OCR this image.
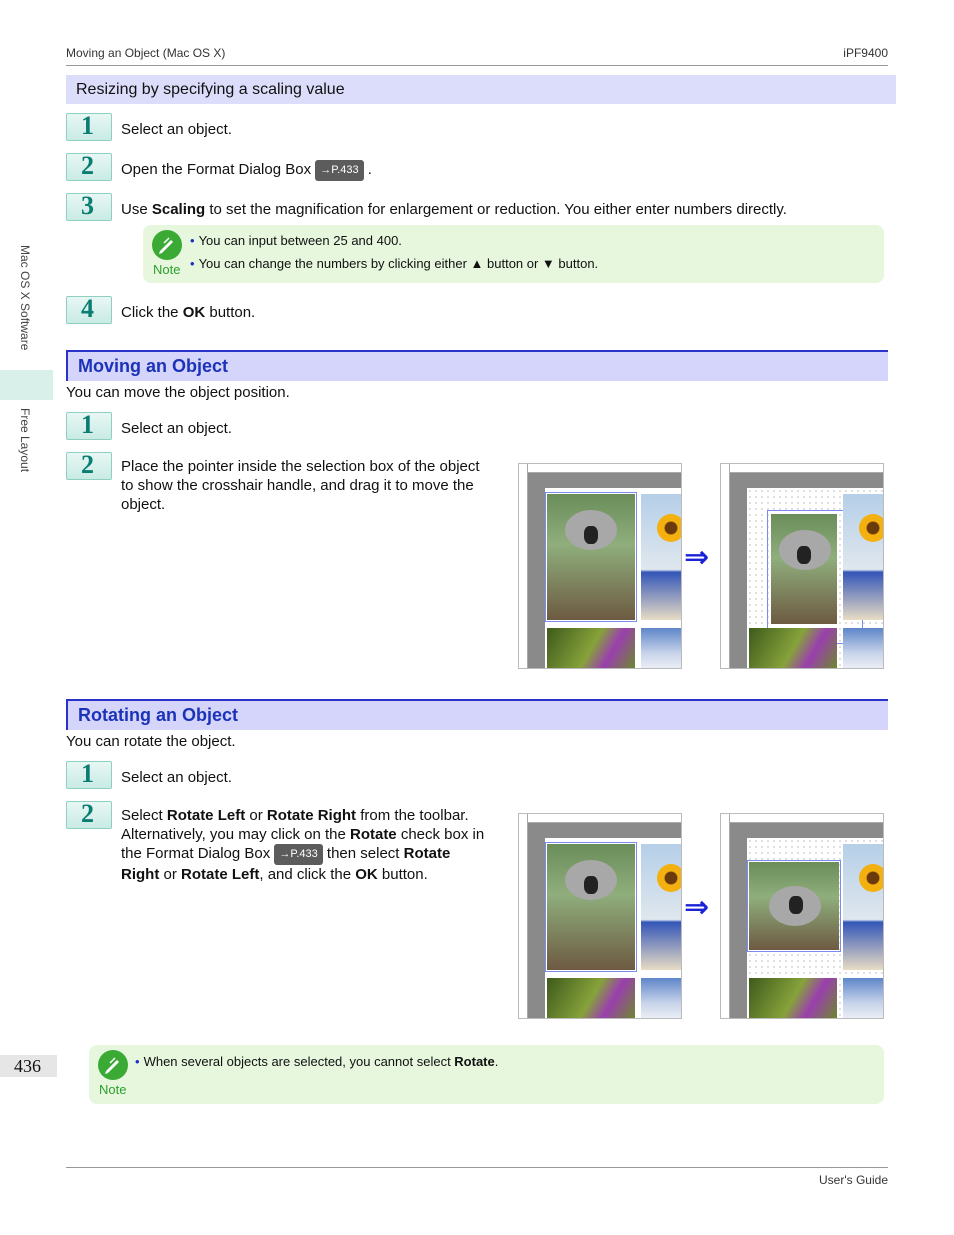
Moving an Object (Mac OS X)	iPF9400
Mac OS X Software
Free Layout
Resizing by specifying a scaling value
1 Select an object.
2 Open the Format Dialog Box →P.433 .
3 Use Scaling to set the magnification for enlargement or reduction. You either enter numbers directly.
Note
• You can input between 25 and 400.
• You can change the numbers by clicking either ▲ button or ▼ button.
4 Click the OK button.
Moving an Object
You can move the object position.
1 Select an object.
2 Place the pointer inside the selection box of the object
to show the crosshair handle, and drag it to move the
object.
⇒
Rotating an Object
You can rotate the object.
1 Select an object.
2 Select Rotate Left or Rotate Right from the toolbar.
Alternatively, you may click on the Rotate check box in
the Format Dialog Box →P.433 then select Rotate
Right or Rotate Left, and click the OK button.
⇒
Note
• When several objects are selected, you cannot select Rotate.
436
User's Guide
